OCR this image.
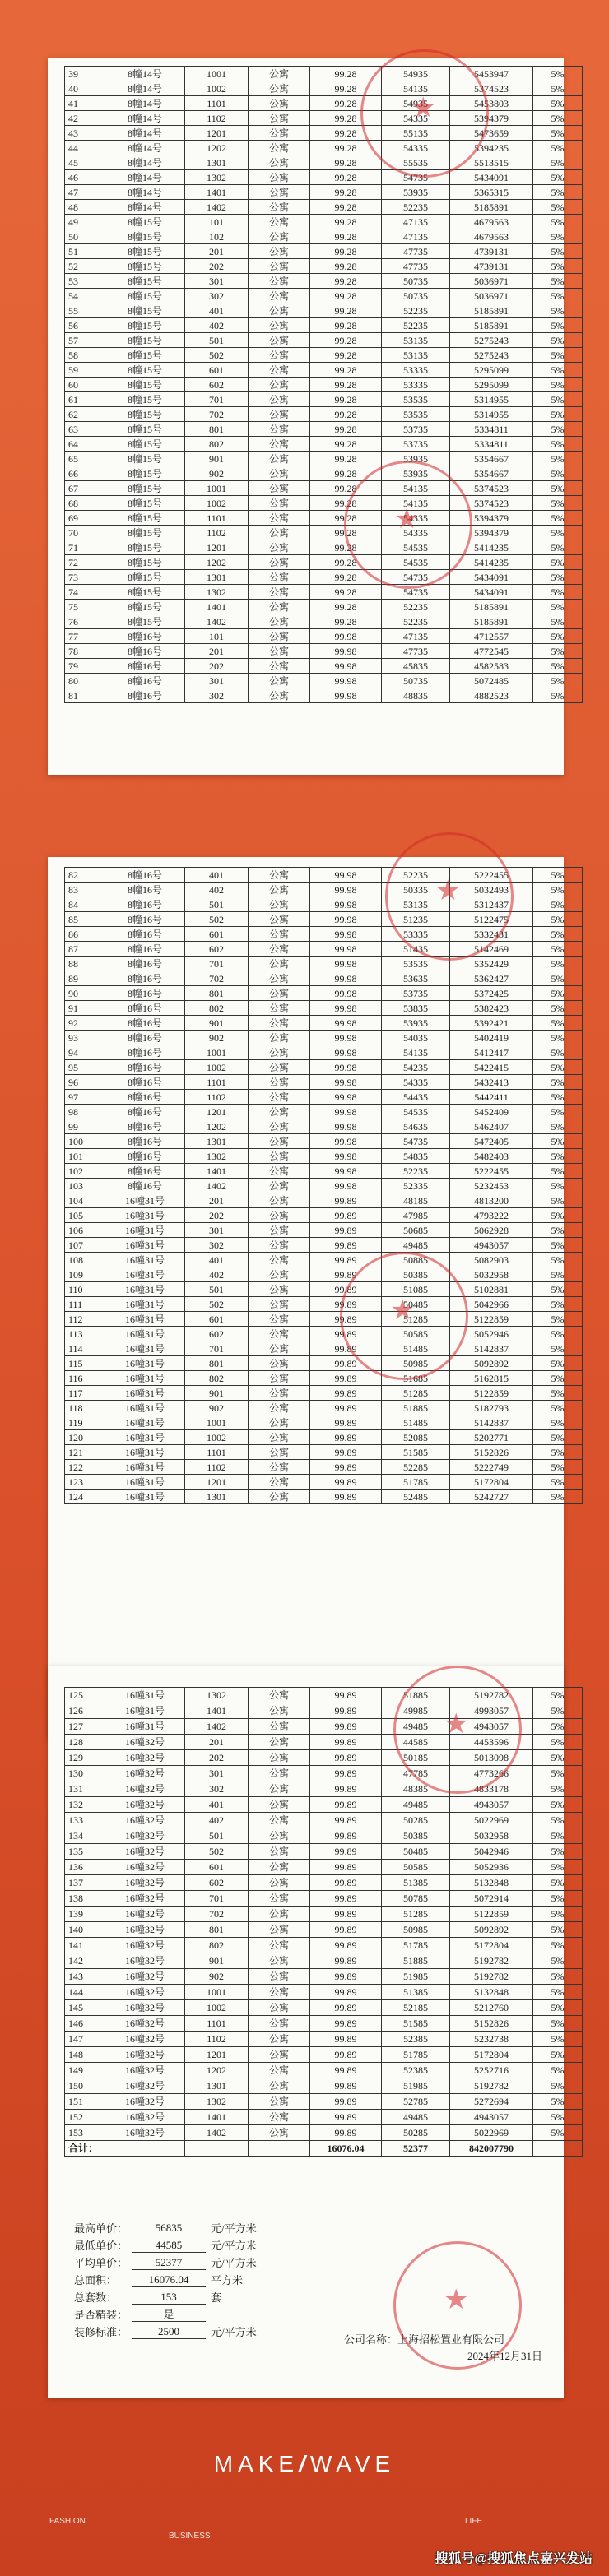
39	8幢14号	1001	公寓	99.28	54935	5453947	5%
40	8幢14号	1002	公寓	99.28	54135	5374523	5%
41	8幢14号	1101	公寓	99.28	54935	5453803	5%
42	8幢14号	1102	公寓	99.28	54335	5394379	5%
43	8幢14号	1201	公寓	99.28	55135	5473659	5%
44	8幢14号	1202	公寓	99.28	54335	5394235	5%
45	8幢14号	1301	公寓	99.28	55535	5513515	5%
46	8幢14号	1302	公寓	99.28	54735	5434091	5%
47	8幢14号	1401	公寓	99.28	53935	5365315	5%
48	8幢14号	1402	公寓	99.28	52235	5185891	5%
49	8幢15号	101	公寓	99.28	47135	4679563	5%
50	8幢15号	102	公寓	99.28	47135	4679563	5%
51	8幢15号	201	公寓	99.28	47735	4739131	5%
52	8幢15号	202	公寓	99.28	47735	4739131	5%
53	8幢15号	301	公寓	99.28	50735	5036971	5%
54	8幢15号	302	公寓	99.28	50735	5036971	5%
55	8幢15号	401	公寓	99.28	52235	5185891	5%
56	8幢15号	402	公寓	99.28	52235	5185891	5%
57	8幢15号	501	公寓	99.28	53135	5275243	5%
58	8幢15号	502	公寓	99.28	53135	5275243	5%
59	8幢15号	601	公寓	99.28	53335	5295099	5%
60	8幢15号	602	公寓	99.28	53335	5295099	5%
61	8幢15号	701	公寓	99.28	53535	5314955	5%
62	8幢15号	702	公寓	99.28	53535	5314955	5%
63	8幢15号	801	公寓	99.28	53735	5334811	5%
64	8幢15号	802	公寓	99.28	53735	5334811	5%
65	8幢15号	901	公寓	99.28	53935	5354667	5%
66	8幢15号	902	公寓	99.28	53935	5354667	5%
67	8幢15号	1001	公寓	99.28	54135	5374523	5%
68	8幢15号	1002	公寓	99.28	54135	5374523	5%
69	8幢15号	1101	公寓	99.28	54335	5394379	5%
70	8幢15号	1102	公寓	99.28	54335	5394379	5%
71	8幢15号	1201	公寓	99.28	54535	5414235	5%
72	8幢15号	1202	公寓	99.28	54535	5414235	5%
73	8幢15号	1301	公寓	99.28	54735	5434091	5%
74	8幢15号	1302	公寓	99.28	54735	5434091	5%
75	8幢15号	1401	公寓	99.28	52235	5185891	5%
76	8幢15号	1402	公寓	99.28	52235	5185891	5%
77	8幢16号	101	公寓	99.98	47135	4712557	5%
78	8幢16号	201	公寓	99.98	47735	4772545	5%
79	8幢16号	202	公寓	99.98	45835	4582583	5%
80	8幢16号	301	公寓	99.98	50735	5072485	5%
81	8幢16号	302	公寓	99.98	48835	4882523	5%
★
★
82	8幢16号	401	公寓	99.98	52235	5222455	5%
83	8幢16号	402	公寓	99.98	50335	5032493	5%
84	8幢16号	501	公寓	99.98	53135	5312437	5%
85	8幢16号	502	公寓	99.98	51235	5122475	5%
86	8幢16号	601	公寓	99.98	53335	5332431	5%
87	8幢16号	602	公寓	99.98	51435	5142469	5%
88	8幢16号	701	公寓	99.98	53535	5352429	5%
89	8幢16号	702	公寓	99.98	53635	5362427	5%
90	8幢16号	801	公寓	99.98	53735	5372425	5%
91	8幢16号	802	公寓	99.98	53835	5382423	5%
92	8幢16号	901	公寓	99.98	53935	5392421	5%
93	8幢16号	902	公寓	99.98	54035	5402419	5%
94	8幢16号	1001	公寓	99.98	54135	5412417	5%
95	8幢16号	1002	公寓	99.98	54235	5422415	5%
96	8幢16号	1101	公寓	99.98	54335	5432413	5%
97	8幢16号	1102	公寓	99.98	54435	5442411	5%
98	8幢16号	1201	公寓	99.98	54535	5452409	5%
99	8幢16号	1202	公寓	99.98	54635	5462407	5%
100	8幢16号	1301	公寓	99.98	54735	5472405	5%
101	8幢16号	1302	公寓	99.98	54835	5482403	5%
102	8幢16号	1401	公寓	99.98	52235	5222455	5%
103	8幢16号	1402	公寓	99.98	52335	5232453	5%
104	16幢31号	201	公寓	99.89	48185	4813200	5%
105	16幢31号	202	公寓	99.89	47985	4793222	5%
106	16幢31号	301	公寓	99.89	50685	5062928	5%
107	16幢31号	302	公寓	99.89	49485	4943057	5%
108	16幢31号	401	公寓	99.89	50885	5082903	5%
109	16幢31号	402	公寓	99.89	50385	5032958	5%
110	16幢31号	501	公寓	99.89	51085	5102881	5%
111	16幢31号	502	公寓	99.89	50485	5042966	5%
112	16幢31号	601	公寓	99.89	51285	5122859	5%
113	16幢31号	602	公寓	99.89	50585	5052946	5%
114	16幢31号	701	公寓	99.89	51485	5142837	5%
115	16幢31号	801	公寓	99.89	50985	5092892	5%
116	16幢31号	802	公寓	99.89	51685	5162815	5%
117	16幢31号	901	公寓	99.89	51285	5122859	5%
118	16幢31号	902	公寓	99.89	51885	5182793	5%
119	16幢31号	1001	公寓	99.89	51485	5142837	5%
120	16幢31号	1002	公寓	99.89	52085	5202771	5%
121	16幢31号	1101	公寓	99.89	51585	5152826	5%
122	16幢31号	1102	公寓	99.89	52285	5222749	5%
123	16幢31号	1201	公寓	99.89	51785	5172804	5%
124	16幢31号	1301	公寓	99.89	52485	5242727	5%
★
★
125	16幢31号	1302	公寓	99.89	51885	5192782	5%
126	16幢31号	1401	公寓	99.89	49985	4993057	5%
127	16幢31号	1402	公寓	99.89	49485	4943057	5%
128	16幢32号	201	公寓	99.89	44585	4453596	5%
129	16幢32号	202	公寓	99.89	50185	5013098	5%
130	16幢32号	301	公寓	99.89	47785	4773266	5%
131	16幢32号	302	公寓	99.89	48385	4833178	5%
132	16幢32号	401	公寓	99.89	49485	4943057	5%
133	16幢32号	402	公寓	99.89	50285	5022969	5%
134	16幢32号	501	公寓	99.89	50385	5032958	5%
135	16幢32号	502	公寓	99.89	50485	5042946	5%
136	16幢32号	601	公寓	99.89	50585	5052936	5%
137	16幢32号	602	公寓	99.89	51385	5132848	5%
138	16幢32号	701	公寓	99.89	50785	5072914	5%
139	16幢32号	702	公寓	99.89	51285	5122859	5%
140	16幢32号	801	公寓	99.89	50985	5092892	5%
141	16幢32号	802	公寓	99.89	51785	5172804	5%
142	16幢32号	901	公寓	99.89	51885	5192782	5%
143	16幢32号	902	公寓	99.89	51985	5192782	5%
144	16幢32号	1001	公寓	99.89	51385	5132848	5%
145	16幢32号	1002	公寓	99.89	52185	5212760	5%
146	16幢32号	1101	公寓	99.89	51585	5152826	5%
147	16幢32号	1102	公寓	99.89	52385	5232738	5%
148	16幢32号	1201	公寓	99.89	51785	5172804	5%
149	16幢32号	1202	公寓	99.89	52385	5252716	5%
150	16幢32号	1301	公寓	99.89	51985	5192782	5%
151	16幢32号	1302	公寓	99.89	52785	5272694	5%
152	16幢32号	1401	公寓	99.89	49485	4943057	5%
153	16幢32号	1402	公寓	99.89	50285	5022969	5%
合计：				16076.04	52377	842007790	
★
★
最高单价：	56835	元/平方米
最低单价：	44585	元/平方米
平均单价：	52377	元/平方米
总面积：	16076.04	平方米
总套数：	153	套
是否精装：	是
装修标准：	2500	元/平方米
公司名称：上海招松置业有限公司
2024年12月31日
MAKE/WAVE
FASHION
BUSINESS
LIFE
搜狐号@搜狐焦点嘉兴发站
